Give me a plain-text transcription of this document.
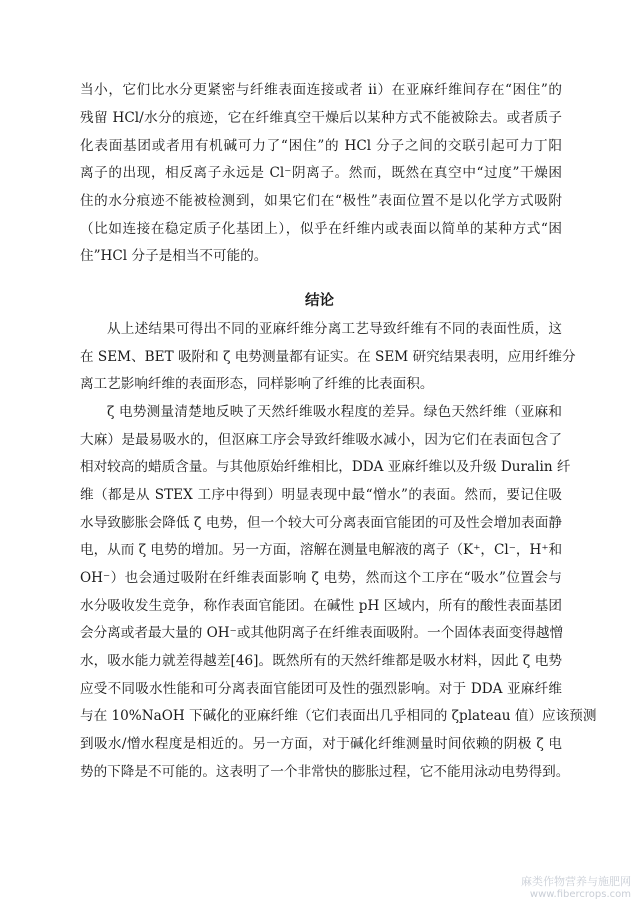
当小，它们比水分更紧密与纤维表面连接或者 ii）在亚麻纤维间存在“困住”的
残留 HCl/水分的痕迹，它在纤维真空干燥后以某种方式不能被除去。或者质子
化表面基团或者用有机碱可力了“困住”的 HCl 分子之间的交联引起可力丁阳
离子的出现，相反离子永远是 Cl⁻阴离子。然而，既然在真空中“过度”干燥困
住的水分痕迹不能被检测到，如果它们在“极性”表面位置不是以化学方式吸附
（比如连接在稳定质子化基团上），似乎在纤维内或表面以简单的某种方式“困
住”HCl 分子是相当不可能的。
结论
从上述结果可得出不同的亚麻纤维分离工艺导致纤维有不同的表面性质，这
在 SEM、BET 吸附和 ζ 电势测量都有证实。在 SEM 研究结果表明，应用纤维分
离工艺影响纤维的表面形态，同样影响了纤维的比表面积。
ζ 电势测量清楚地反映了天然纤维吸水程度的差异。绿色天然纤维（亚麻和
大麻）是最易吸水的，但沤麻工序会导致纤维吸水减小，因为它们在表面包含了
相对较高的蜡质含量。与其他原始纤维相比，DDA 亚麻纤维以及升级 Duralin 纤
维（都是从 STEX 工序中得到）明显表现中最“憎水”的表面。然而，要记住吸
水导致膨胀会降低 ζ 电势，但一个较大可分离表面官能团的可及性会增加表面静
电，从而 ζ 电势的增加。另一方面，溶解在测量电解液的离子（K⁺，Cl⁻，H⁺和
OH⁻）也会通过吸附在纤维表面影响 ζ 电势，然而这个工序在“吸水”位置会与
水分吸收发生竞争，称作表面官能团。在碱性 pH 区域内，所有的酸性表面基团
会分离或者最大量的 OH⁻或其他阴离子在纤维表面吸附。一个固体表面变得越憎
水，吸水能力就差得越差[46]。既然所有的天然纤维都是吸水材料，因此 ζ 电势
应受不同吸水性能和可分离表面官能团可及性的强烈影响。对于 DDA 亚麻纤维
与在 10%NaOH 下碱化的亚麻纤维（它们表面出几乎相同的 ζplateau 值）应该预测
到吸水/憎水程度是相近的。另一方面，对于碱化纤维测量时间依赖的阴极 ζ 电
势的下降是不可能的。这表明了一个非常快的膨胀过程，它不能用泳动电势得到。
麻类作物营养与施肥网
www.fibercrops.com
